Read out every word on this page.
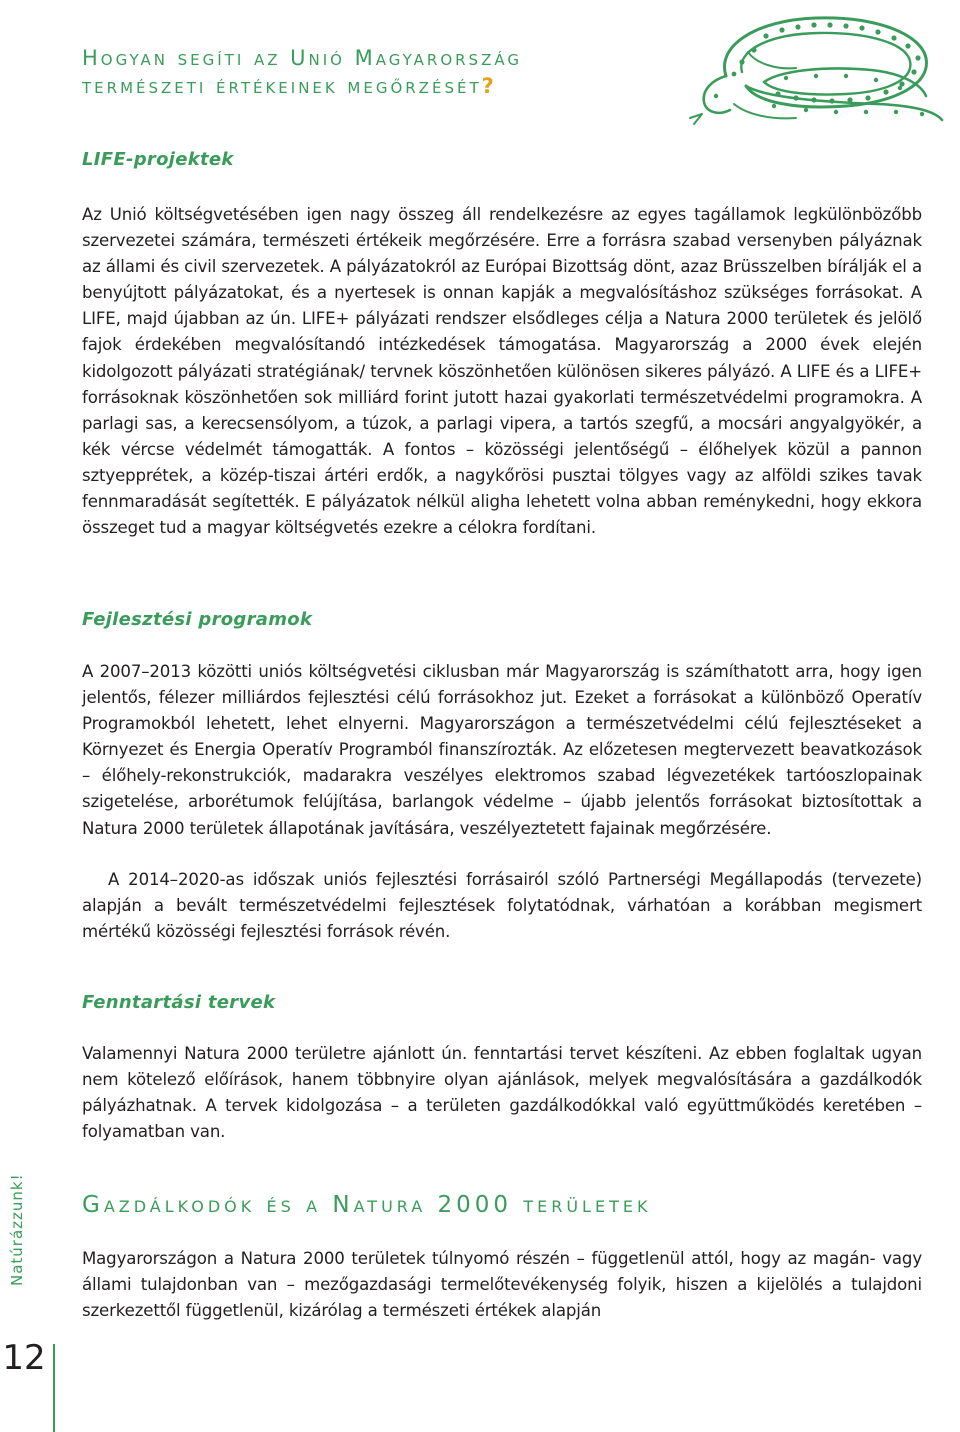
Hogyan segíti az Unió Magyarország
természeti értékeinek megőrzését?
LIFE-projektek

Az Unió költségvetésében igen nagy összeg áll rendelkezésre az egyes tagállamok legkülönbözőbb szervezetei számára, természeti értékeik megőrzésére. Erre a forrásra szabad versenyben pályáznak az állami és civil szervezetek. A pályázatokról az Európai Bizottság dönt, azaz Brüsszelben bírálják el a benyújtott pályázatokat, és a nyertesek is onnan kapják a megvalósításhoz szükséges forrásokat. A LIFE, majd újabban az ún. LIFE+ pályázati rendszer elsődleges célja a Natura 2000 területek és jelölő fajok érdekében megvalósítandó intézkedések támogatása. Magyarország a 2000 évek elején kidolgozott pályázati stratégiának/ tervnek köszönhetően különösen sikeres pályázó. A LIFE és a LIFE+ forrásoknak köszönhetően sok milliárd forint jutott hazai gyakorlati természetvédelmi programokra. A parlagi sas, a kerecsensólyom, a túzok, a parlagi vipera, a tartós szegfű, a mocsári angyalgyökér, a kék vércse védelmét támogatták. A fontos – közösségi jelentőségű – élőhelyek közül a pannon sztyepprétek, a közép-tiszai ártéri erdők, a nagykőrösi pusztai tölgyes vagy az alföldi szikes tavak fennmaradását segítették. E pályázatok nélkül aligha lehetett volna abban reménykedni, hogy ekkora összeget tud a magyar költségvetés ezekre a célokra fordítani.

Fejlesztési programok

A 2007–2013 közötti uniós költségvetési ciklusban már Magyarország is számíthatott arra, hogy igen jelentős, félezer milliárdos fejlesztési célú forrásokhoz jut. Ezeket a forrásokat a különböző Operatív Programokból lehetett, lehet elnyerni. Magyarországon a természetvédelmi célú fejlesztéseket a Környezet és Energia Operatív Programból finanszírozták. Az előzetesen megtervezett beavatkozások – élőhely-rekonstrukciók, madarakra veszélyes elektromos szabad légvezetékek tartóoszlopainak szigetelése, arborétumok felújítása, barlangok védelme – újabb jelentős forrásokat biztosítottak a Natura 2000 területek állapotának javítására, veszélyeztetett fajainak megőrzésére.

A 2014–2020-as időszak uniós fejlesztési forrásairól szóló Partnerségi Megállapodás (tervezete) alapján a bevált természetvédelmi fejlesztések folytatódnak, várhatóan a korábban megismert mértékű közösségi fejlesztési források révén.

Fenntartási tervek

Valamennyi Natura 2000 területre ajánlott ún. fenntartási tervet készíteni. Az ebben foglaltak ugyan nem kötelező előírások, hanem többnyire olyan ajánlások, melyek megvalósítására a gazdálkodók pályázhatnak. A tervek kidolgozása – a területen gazdálkodókkal való együttműködés keretében – folyamatban van.

Gazdálkodók és a Natura 2000 területek

Magyarországon a Natura 2000 területek túlnyomó részén – függetlenül attól, hogy az magán- vagy állami tulajdonban van – mezőgazdasági termelőtevékenység folyik, hiszen a kijelölés a tulajdoni szerkezettől függetlenül, kizárólag a természeti értékek alapján

Natúrázzunk!
12
